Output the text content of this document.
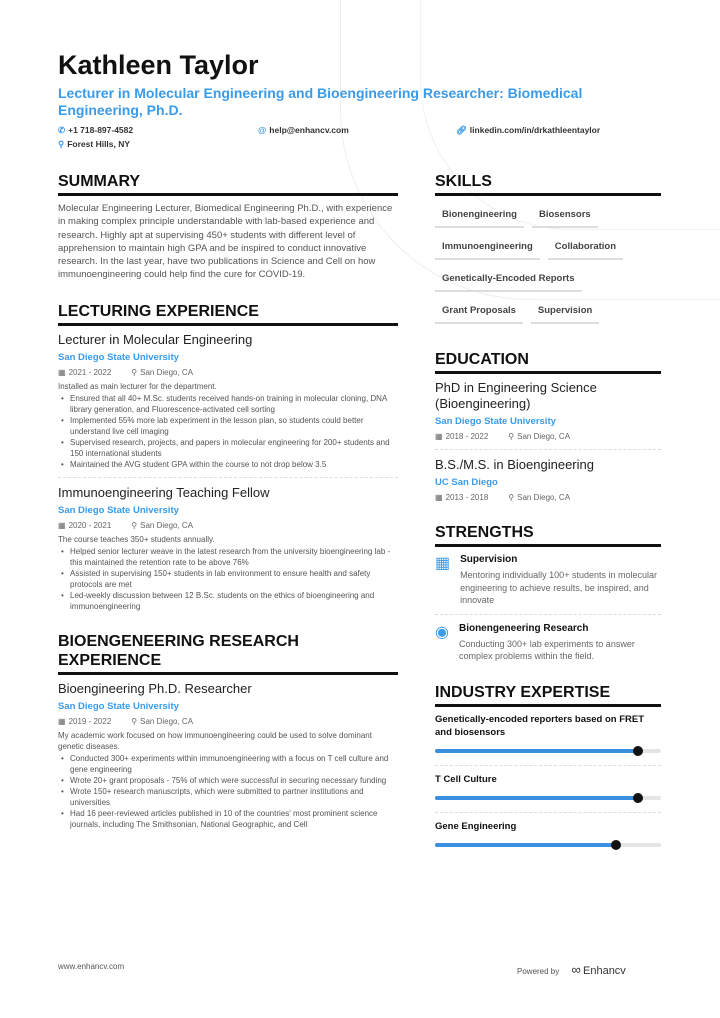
Kathleen Taylor
Lecturer in Molecular Engineering and Bioengineering Researcher: Biomedical Engineering, Ph.D.
✆ +1 718-897-4582	@ help@enhancv.com	🔗︎ linkedin.com/in/drkathleentaylor
⚲ Forest Hills, NY
SUMMARY
Molecular Engineering Lecturer, Biomedical Engineering Ph.D., with experience in making complex principle understandable with lab-based experience and research. Highly apt at supervising 450+ students with different level of apprehension to maintain high GPA and be inspired to conduct innovative research. In the last year, have two publications in Science and Cell on how immunoengineering could help find the cure for COVID-19.
LECTURING EXPERIENCE
Lecturer in Molecular Engineering
San Diego State University
▦ 2021 - 2022	⚲ San Diego, CA
Installed as main lecturer for the department.
• Ensured that all 40+ M.Sc. students received hands-on training in molecular cloning, DNA library generation, and Fluorescence-activated cell sorting
• Implemented 55% more lab experiment in the lesson plan, so students could better understand live cell imaging
• Supervised research, projects, and papers in molecular engineering for 200+ students and 150 international students
• Maintained the AVG student GPA within the course to not drop below 3.5
Immunoengineering Teaching Fellow
San Diego State University
▦ 2020 - 2021	⚲ San Diego, CA
The course teaches 350+ students annually.
• Helped senior lecturer weave in the latest research from the university bioengineering lab - this maintained the retention rate to be above 76%
• Assisted in supervising 150+ students in lab environment to ensure health and safety protocols are met
• Led-weekly discussion between 12 B.Sc. students on the ethics of bioengineering and immunoengineering
BIOENGENEERING RESEARCH EXPERIENCE
Bioengineering Ph.D. Researcher
San Diego State University
▦ 2019 - 2022	⚲ San Diego, CA
My academic work focused on how immunoengineering could be used to solve dominant genetic diseases.
• Conducted 300+ experiments within immunoengineering with a focus on T cell culture and gene engineering
• Wrote 20+ grant proposals - 75% of which were successful in securing necessary funding
• Wrote 150+ research manuscripts, which were submitted to partner institutions and universities
• Had 16 peer-reviewed articles published in 10 of the countries' most prominent science journals, including The Smithsonian, National Geographic, and Cell
SKILLS
Bionengineering	Biosensors
Immunoengineering	Collaboration
Genetically-Encoded Reports
Grant Proposals	Supervision
EDUCATION
PhD in Engineering Science (Bioengineering)
San Diego State University
▦ 2018 - 2022	⚲ San Diego, CA
B.S./M.S. in Bioengineering
UC San Diego
▦ 2013 - 2018	⚲ San Diego, CA
STRENGTHS
▦ Supervision
Mentoring individually 100+ students in molecular engineering to achieve results, be inspired, and innovate
◉ Bionengeneering Research
Conducting 300+ lab experiments to answer complex problems within the field.
INDUSTRY EXPERTISE
Genetically-encoded reporters based on FRET and biosensors
T Cell Culture
Gene Engineering
www.enhancv.com
Powered by ∞ Enhancv
